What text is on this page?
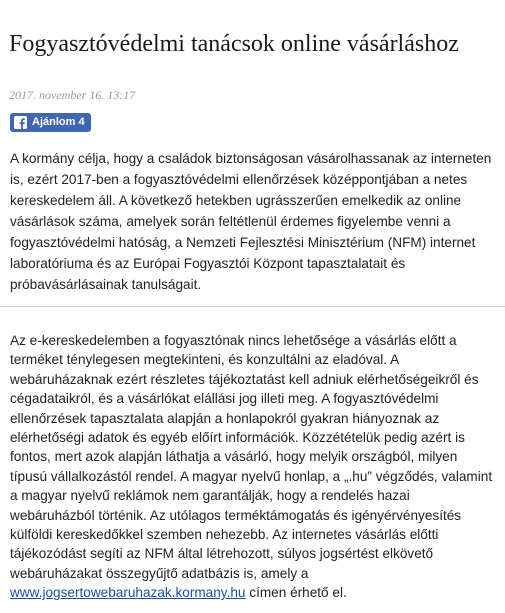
Fogyasztóvédelmi tanácsok online vásárláshoz
2017. november 16. 13:17
Ajánlom 4

A kormány célja, hogy a családok biztonságosan vásárolhassanak az interneten is, ezért 2017-ben a fogyasztóvédelmi ellenőrzések középpontjában a netes kereskedelem áll. A következő hetekben ugrásszerűen emelkedik az online vásárlások száma, amelyek során feltétlenül érdemes figyelembe venni a fogyasztóvédelmi hatóság, a Nemzeti Fejlesztési Minisztérium (NFM) internet laboratóriuma és az Európai Fogyasztói Központ tapasztalatait és próbavásárlásainak tanulságait.

Az e-kereskedelemben a fogyasztónak nincs lehetősége a vásárlás előtt a terméket ténylegesen megtekinteni, és konzultálni az eladóval. A webáruházaknak ezért részletes tájékoztatást kell adniuk elérhetőségeikről és cégadataikról, és a vásárlókat elállási jog illeti meg. A fogyasztóvédelmi ellenőrzések tapasztalata alapján a honlapokról gyakran hiányoznak az elérhetőségi adatok és egyéb előírt információk. Közzétételük pedig azért is fontos, mert azok alapján láthatja a vásárló, hogy melyik országból, milyen típusú vállalkozástól rendel. A magyar nyelvű honlap, a „.hu” végződés, valamint a magyar nyelvű reklámok nem garantálják, hogy a rendelés hazai webáruházból történik. Az utólagos terméktámogatás és igényérvényesítés külföldi kereskedőkkel szemben nehezebb. Az internetes vásárlás előtti tájékozódást segíti az NFM által létrehozott, súlyos jogsértést elkövető webáruházakat összegyűjtő adatbázis is, amely a www.jogsertowebaruhazak.kormany.hu címen érhető el.
